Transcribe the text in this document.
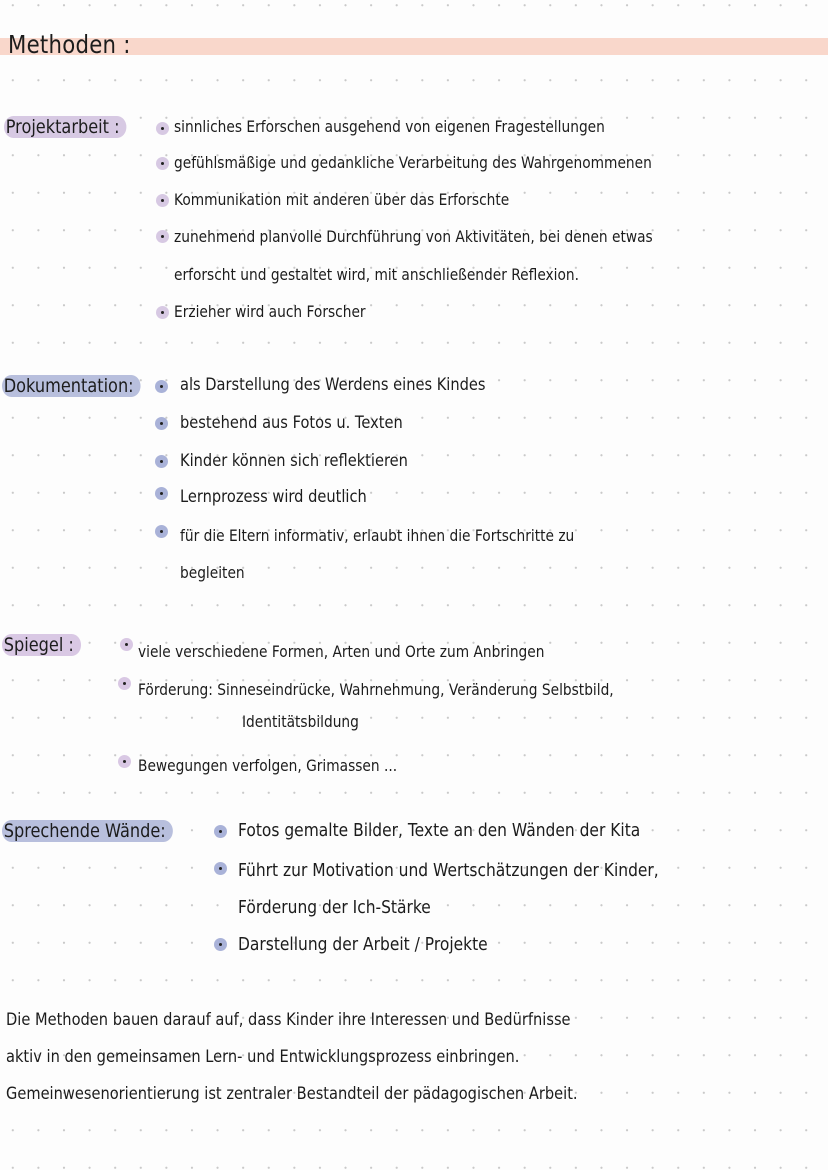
Methoden :
Projektarbeit :	sinnliches Erforschen ausgehend von eigenen Fragestellungen
gefühlsmäßige und gedankliche Verarbeitung des Wahrgenommenen
Kommunikation mit anderen über das Erforschte
zunehmend planvolle Durchführung von Aktivitäten, bei denen etwas
erforscht und gestaltet wird, mit anschließender Reflexion.
Erzieher wird auch Forscher
Dokumentation:	als Darstellung des Werdens eines Kindes
bestehend aus Fotos u. Texten
Kinder können sich reflektieren
Lernprozess wird deutlich
für die Eltern informativ, erlaubt ihnen die Fortschritte zu
begleiten
Spiegel :	viele verschiedene Formen, Arten und Orte zum Anbringen
Förderung: Sinneseindrücke, Wahrnehmung, Veränderung Selbstbild,
Identitätsbildung
Bewegungen verfolgen, Grimassen ...
Sprechende Wände:	Fotos gemalte Bilder, Texte an den Wänden der Kita
Führt zur Motivation und Wertschätzungen der Kinder,
Förderung der Ich-Stärke
Darstellung der Arbeit / Projekte
Die Methoden bauen darauf auf, dass Kinder ihre Interessen und Bedürfnisse
aktiv in den gemeinsamen Lern- und Entwicklungsprozess einbringen.
Gemeinwesenorientierung ist zentraler Bestandteil der pädagogischen Arbeit.
